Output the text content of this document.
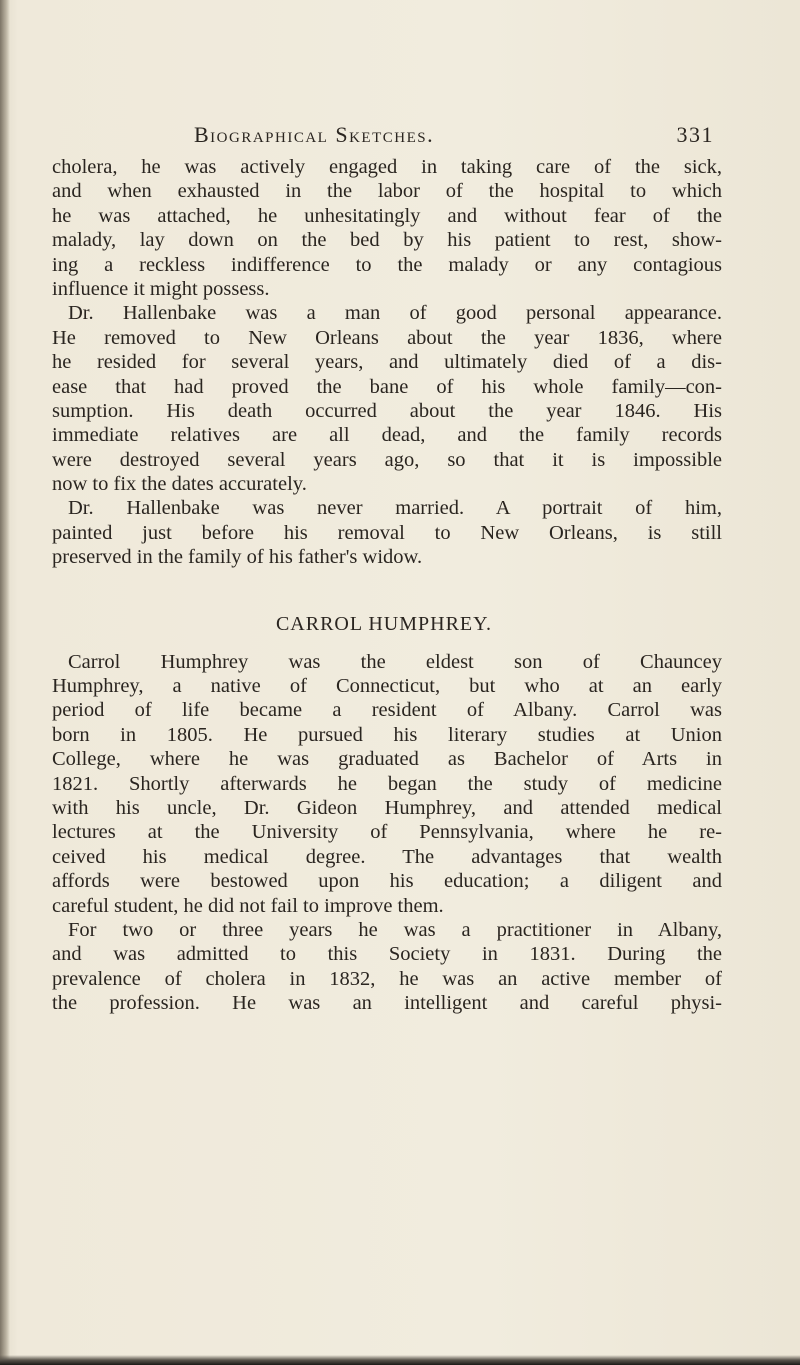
Biographical Sketches.	331
cholera, he was actively engaged in taking care of the sick,
and when exhausted in the labor of the hospital to which
he was attached, he unhesitatingly and without fear of the
malady, lay down on the bed by his patient to rest, show-
ing a reckless indifference to the malady or any contagious
influence it might possess.
Dr. Hallenbake was a man of good personal appearance.
He removed to New Orleans about the year 1836, where
he resided for several years, and ultimately died of a dis-
ease that had proved the bane of his whole family—con-
sumption. His death occurred about the year 1846. His
immediate relatives are all dead, and the family records
were destroyed several years ago, so that it is impossible
now to fix the dates accurately.
Dr. Hallenbake was never married. A portrait of him,
painted just before his removal to New Orleans, is still
preserved in the family of his father's widow.
CARROL HUMPHREY.
Carrol Humphrey was the eldest son of Chauncey
Humphrey, a native of Connecticut, but who at an early
period of life became a resident of Albany. Carrol was
born in 1805. He pursued his literary studies at Union
College, where he was graduated as Bachelor of Arts in
1821. Shortly afterwards he began the study of medicine
with his uncle, Dr. Gideon Humphrey, and attended medical
lectures at the University of Pennsylvania, where he re-
ceived his medical degree. The advantages that wealth
affords were bestowed upon his education; a diligent and
careful student, he did not fail to improve them.
For two or three years he was a practitioner in Albany,
and was admitted to this Society in 1831. During the
prevalence of cholera in 1832, he was an active member of
the profession. He was an intelligent and careful physi-
